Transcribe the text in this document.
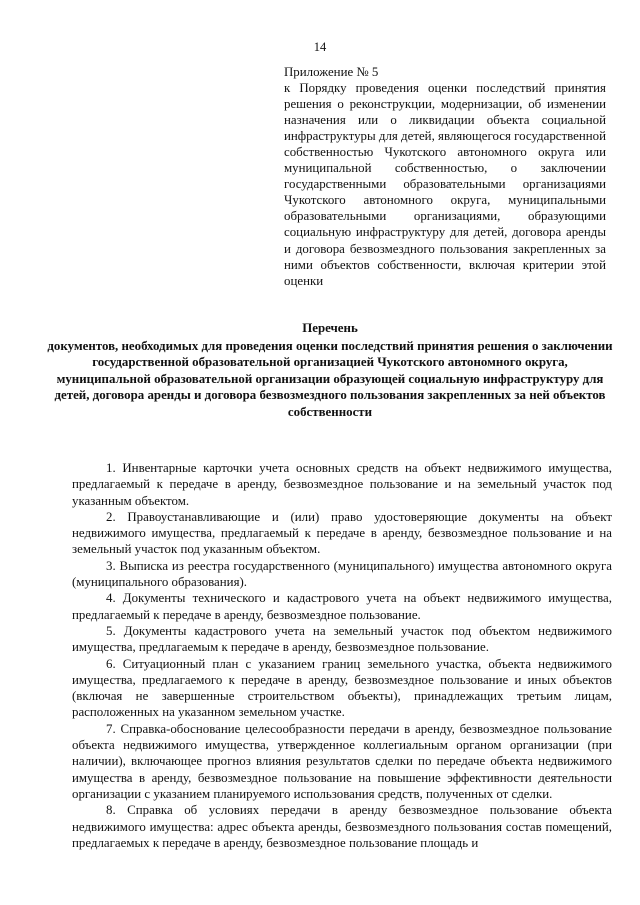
14
Приложение № 5
к Порядку проведения оценки последствий принятия решения о реконструкции, модернизации, об изменении назначения или о ликвидации объекта социальной инфраструктуры для детей, являющегося государственной собственностью Чукотского автономного округа или муниципальной собственностью, о заключении государственными образовательными организациями Чукотского автономного округа, муниципальными образовательными организациями, образующими социальную инфраструктуру для детей, договора аренды и договора безвозмездного пользования закрепленных за ними объектов собственности, включая критерии этой оценки
Перечень
документов, необходимых для проведения оценки последствий принятия решения о заключении государственной образовательной организацией Чукотского автономного округа, муниципальной образовательной организации образующей социальную инфраструктуру для детей, договора аренды и договора безвозмездного пользования закрепленных за ней объектов собственности

1. Инвентарные карточки учета основных средств на объект недвижимого имущества, предлагаемый к передаче в аренду, безвозмездное пользование и на земельный участок под указанным объектом.

2. Правоустанавливающие и (или) право удостоверяющие документы на объект недвижимого имущества, предлагаемый к передаче в аренду, безвозмездное пользование и на земельный участок под указанным объектом.

3. Выписка из реестра государственного (муниципального) имущества автономного округа (муниципального образования).

4. Документы технического и кадастрового учета на объект недвижимого имущества, предлагаемый к передаче в аренду, безвозмездное пользование.

5. Документы кадастрового учета на земельный участок под объектом недвижимого имущества, предлагаемым к передаче в аренду, безвозмездное пользование.

6. Ситуационный план с указанием границ земельного участка, объекта недвижимого имущества, предлагаемого к передаче в аренду, безвозмездное пользование и иных объектов (включая не завершенные строительством объекты), принадлежащих третьим лицам, расположенных на указанном земельном участке.

7. Справка-обоснование целесообразности передачи в аренду, безвозмездное пользование объекта недвижимого имущества, утвержденное коллегиальным органом организации (при наличии), включающее прогноз влияния результатов сделки по передаче объекта недвижимого имущества в аренду, безвозмездное пользование на повышение эффективности деятельности организации с указанием планируемого использования средств, полученных от сделки.

8. Справка об условиях передачи в аренду безвозмездное пользование объекта недвижимого имущества: адрес объекта аренды, безвозмездного пользования состав помещений, предлагаемых к передаче в аренду, безвозмездное пользование площадь и
